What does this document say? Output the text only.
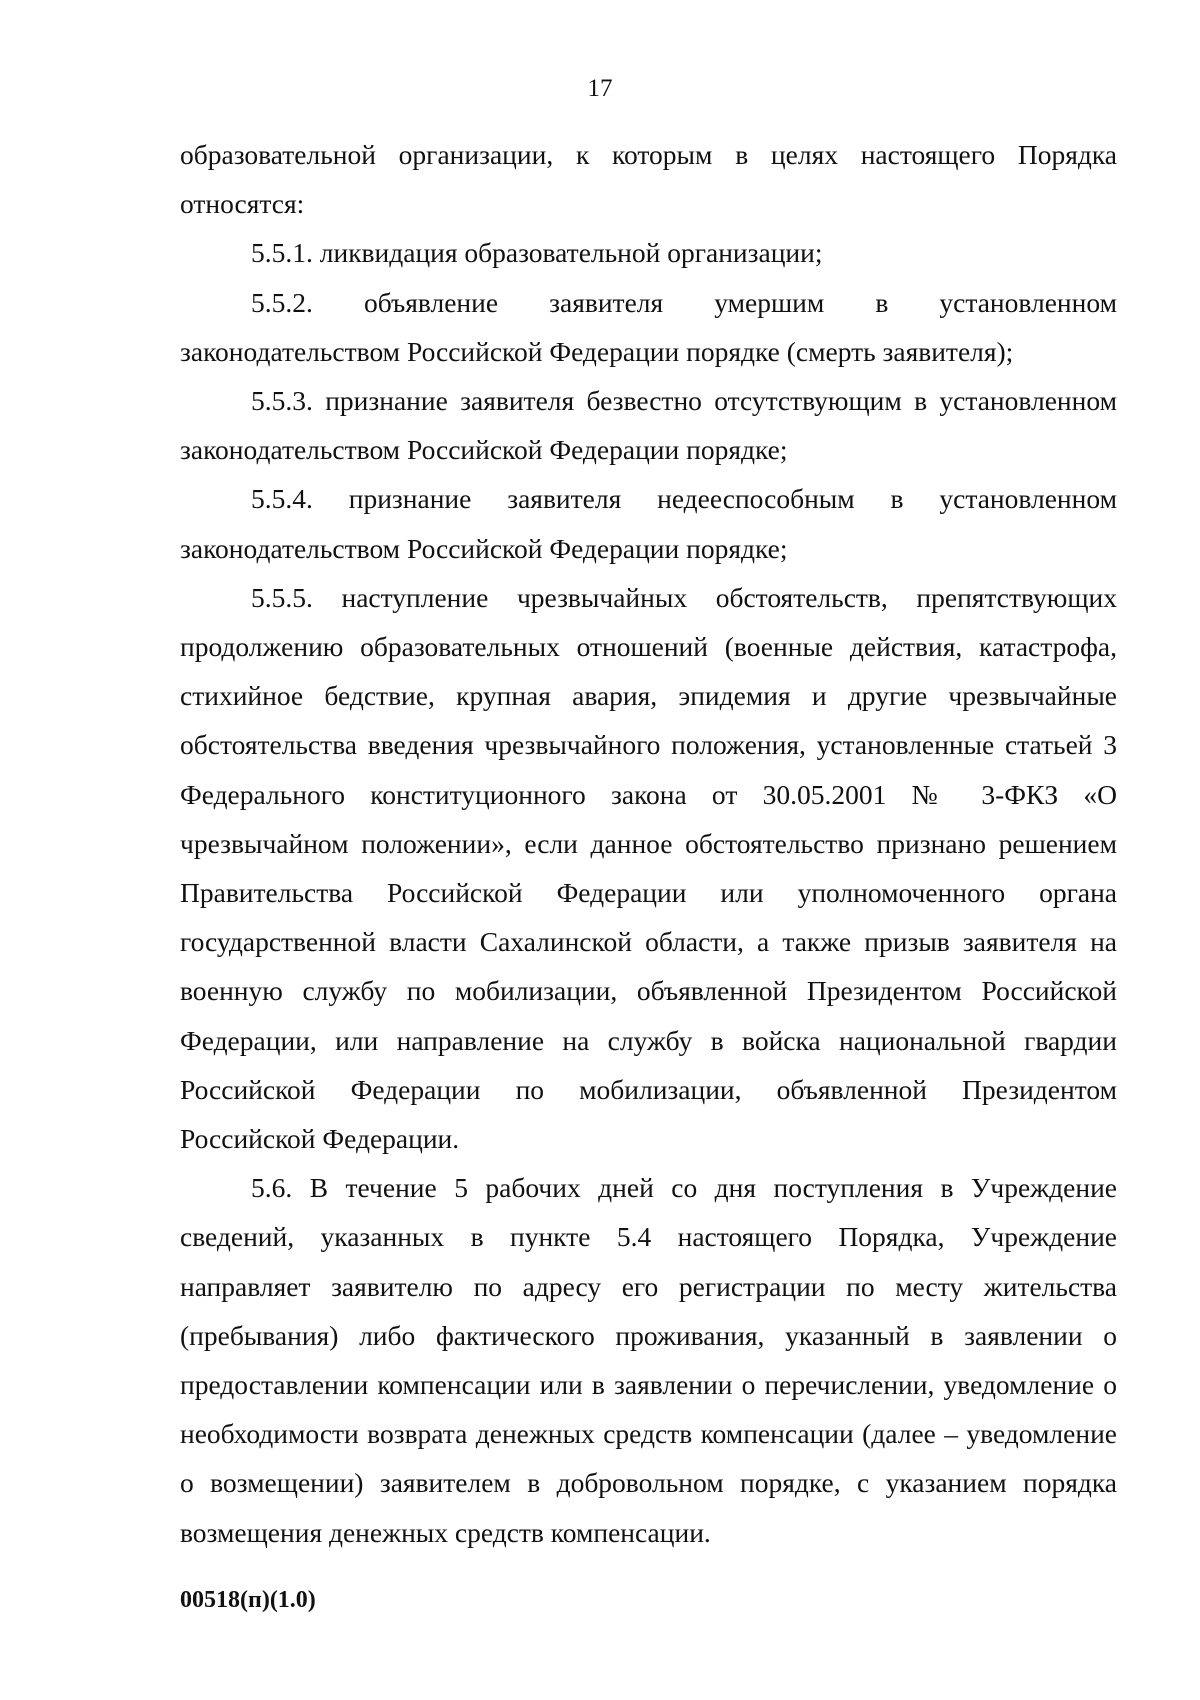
17

образовательной организации, к которым в целях настоящего Порядка относятся:

5.5.1. ликвидация образовательной организации;

5.5.2. объявление заявителя умершим в установленном законодательством Российской Федерации порядке (смерть заявителя);

5.5.3. признание заявителя безвестно отсутствующим в установленном законодательством Российской Федерации порядке;

5.5.4. признание заявителя недееспособным в установленном законодательством Российской Федерации порядке;

5.5.5. наступление чрезвычайных обстоятельств, препятствующих продолжению образовательных отношений (военные действия, катастрофа, стихийное бедствие, крупная авария, эпидемия и другие чрезвычайные обстоятельства введения чрезвычайного положения, установленные статьей 3 Федерального конституционного закона от 30.05.2001 № 3-ФКЗ «О чрезвычайном положении», если данное обстоятельство признано решением Правительства Российской Федерации или уполномоченного органа государственной власти Сахалинской области, а также призыв заявителя на военную службу по мобилизации, объявленной Президентом Российской Федерации, или направление на службу в войска национальной гвардии Российской Федерации по мобилизации, объявленной Президентом Российской Федерации.

5.6. В течение 5 рабочих дней со дня поступления в Учреждение сведений, указанных в пункте 5.4 настоящего Порядка, Учреждение направляет заявителю по адресу его регистрации по месту жительства (пребывания) либо фактического проживания, указанный в заявлении о предоставлении компенсации или в заявлении о перечислении, уведомление о необходимости возврата денежных средств компенсации (далее – уведомление о возмещении) заявителем в добровольном порядке, с указанием порядка возмещения денежных средств компенсации.

00518(п)(1.0)
